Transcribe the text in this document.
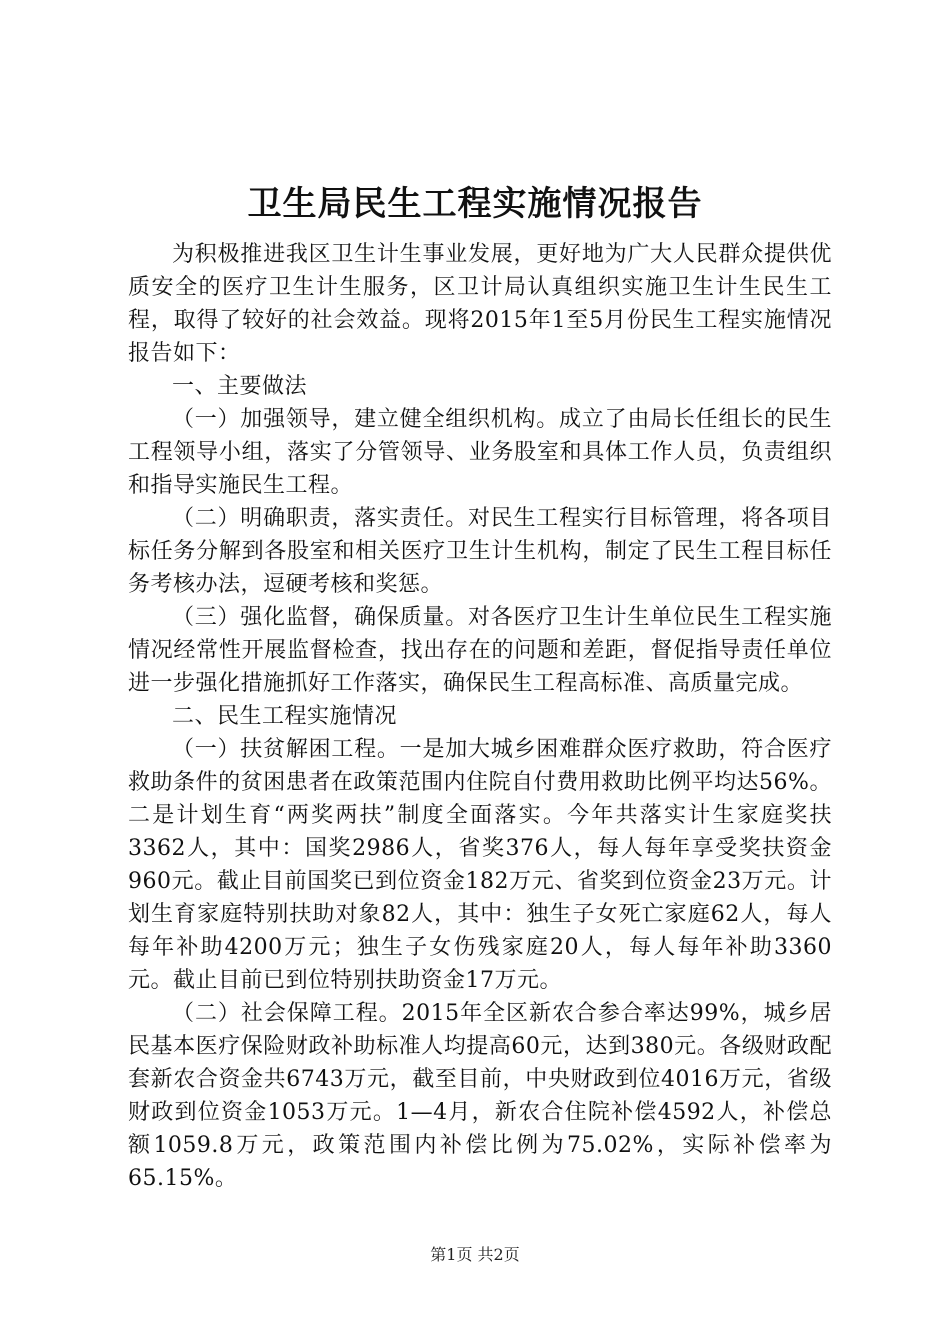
卫生局民生工程实施情况报告

为积极推进我区卫生计生事业发展，更好地为广大人民群众提供优质安全的医疗卫生计生服务，区卫计局认真组织实施卫生计生民生工程，取得了较好的社会效益。现将2015年1至5月份民生工程实施情况报告如下：

一、主要做法

（一）加强领导，建立健全组织机构。成立了由局长任组长的民生工程领导小组，落实了分管领导、业务股室和具体工作人员，负责组织和指导实施民生工程。

（二）明确职责，落实责任。对民生工程实行目标管理，将各项目标任务分解到各股室和相关医疗卫生计生机构，制定了民生工程目标任务考核办法，逗硬考核和奖惩。

（三）强化监督，确保质量。对各医疗卫生计生单位民生工程实施情况经常性开展监督检查，找出存在的问题和差距，督促指导责任单位进一步强化措施抓好工作落实，确保民生工程高标准、高质量完成。

二、民生工程实施情况

（一）扶贫解困工程。一是加大城乡困难群众医疗救助，符合医疗救助条件的贫困患者在政策范围内住院自付费用救助比例平均达56%。二是计划生育“两奖两扶”制度全面落实。今年共落实计生家庭奖扶3362人，其中：国奖2986人，省奖376人，每人每年享受奖扶资金960元。截止目前国奖已到位资金182万元、省奖到位资金23万元。计划生育家庭特别扶助对象82人，其中：独生子女死亡家庭62人，每人每年补助4200万元；独生子女伤残家庭20人，每人每年补助3360元。截止目前已到位特别扶助资金17万元。

（二）社会保障工程。2015年全区新农合参合率达99%，城乡居民基本医疗保险财政补助标准人均提高60元，达到380元。各级财政配套新农合资金共6743万元，截至目前，中央财政到位4016万元，省级财政到位资金1053万元。1—4月，新农合住院补偿4592人，补偿总额1059.8万元，政策范围内补偿比例为75.02%，实际补偿率为65.15%。

第1页 共2页
